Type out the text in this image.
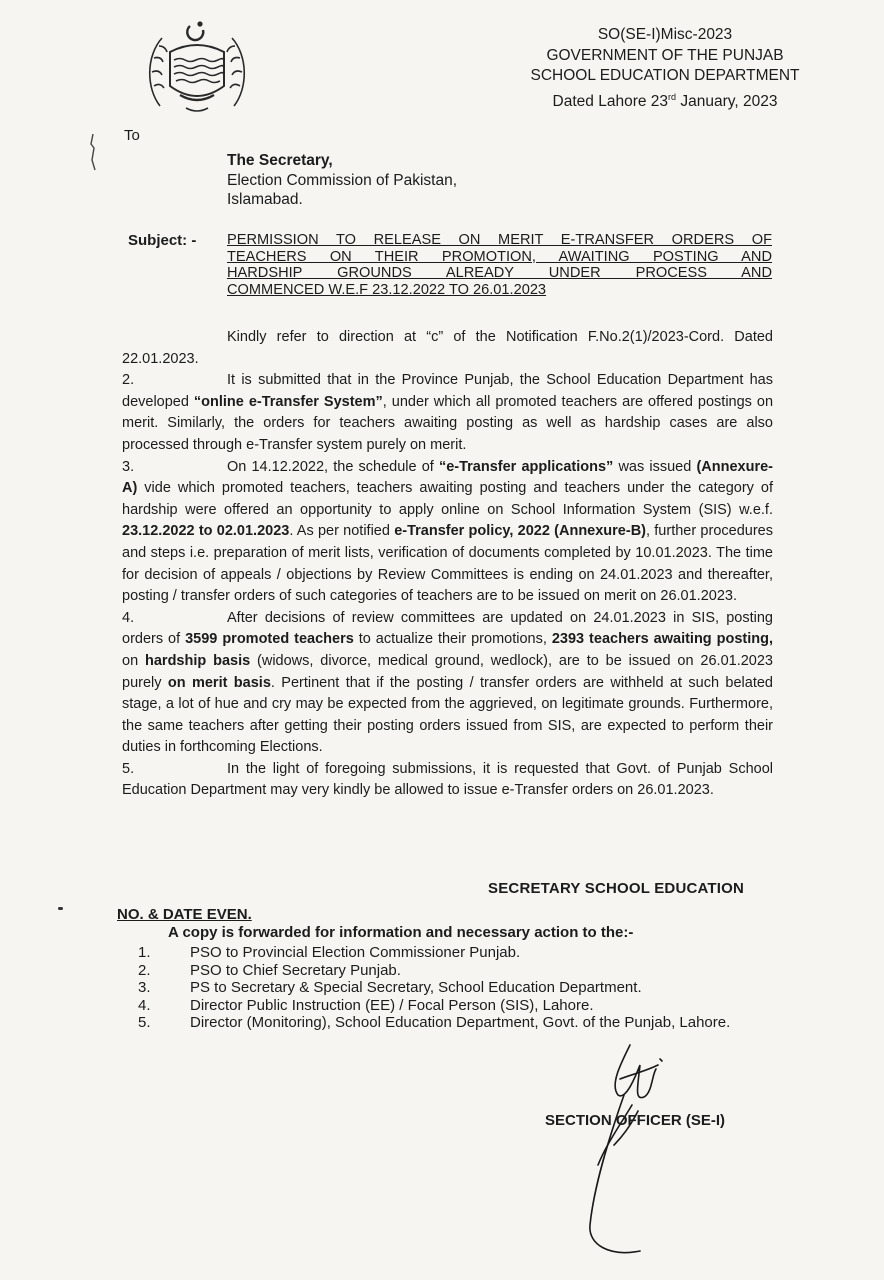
SO(SE-I)Misc-2023
GOVERNMENT OF THE PUNJAB
SCHOOL EDUCATION DEPARTMENT
Dated Lahore 23rd January, 2023
To
The Secretary,
Election Commission of Pakistan,
Islamabad.
Subject: - PERMISSION TO RELEASE ON MERIT E-TRANSFER ORDERS OF
TEACHERS ON THEIR PROMOTION, AWAITING POSTING AND
HARDSHIP GROUNDS ALREADY UNDER PROCESS AND
COMMENCED W.E.F 23.12.2022 TO 26.01.2023

Kindly refer to direction at “c” of the Notification F.No.2(1)/2023-Cord. Dated 22.01.2023.

2.	It is submitted that in the Province Punjab, the School Education Department has developed “online e-Transfer System”, under which all promoted teachers are offered postings on merit. Similarly, the orders for teachers awaiting posting as well as hardship cases are also processed through e-Transfer system purely on merit.

3.	On 14.12.2022, the schedule of “e-Transfer applications” was issued (Annexure-A) vide which promoted teachers, teachers awaiting posting and teachers under the category of hardship were offered an opportunity to apply online on School Information System (SIS) w.e.f. 23.12.2022 to 02.01.2023. As per notified e-Transfer policy, 2022 (Annexure-B), further procedures and steps i.e. preparation of merit lists, verification of documents completed by 10.01.2023. The time for decision of appeals / objections by Review Committees is ending on 24.01.2023 and thereafter, posting / transfer orders of such categories of teachers are to be issued on merit on 26.01.2023.

4.	After decisions of review committees are updated on 24.01.2023 in SIS, posting orders of 3599 promoted teachers to actualize their promotions, 2393 teachers awaiting posting, on hardship basis (widows, divorce, medical ground, wedlock), are to be issued on 26.01.2023 purely on merit basis. Pertinent that if the posting / transfer orders are withheld at such belated stage, a lot of hue and cry may be expected from the aggrieved, on legitimate grounds. Furthermore, the same teachers after getting their posting orders issued from SIS, are expected to perform their duties in forthcoming Elections.

5.	In the light of foregoing submissions, it is requested that Govt. of Punjab School Education Department may very kindly be allowed to issue e-Transfer orders on 26.01.2023.

SECRETARY SCHOOL EDUCATION
NO. & DATE EVEN.
A copy is forwarded for information and necessary action to the:-
1.	PSO to Provincial Election Commissioner Punjab.
2.	PSO to Chief Secretary Punjab.
3.	PS to Secretary & Special Secretary, School Education Department.
4.	Director Public Instruction (EE) / Focal Person (SIS), Lahore.
5.	Director (Monitoring), School Education Department, Govt. of the Punjab, Lahore.
SECTION OFFICER (SE-I)
